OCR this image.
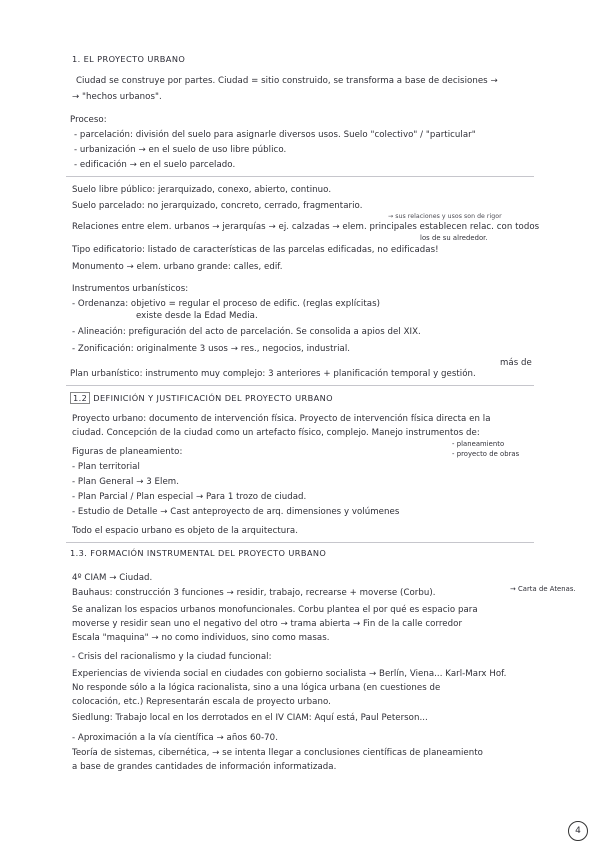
1. EL PROYECTO URBANO
Ciudad se construye por partes. Ciudad = sitio construido, se transforma a base de decisiones →
→ "hechos urbanos".
Proceso:
- parcelación: división del suelo para asignarle diversos usos. Suelo "colectivo" / "particular"
- urbanización → en el suelo de uso libre público.
- edificación → en el suelo parcelado.
Suelo libre público: jerarquizado, conexo, abierto, continuo.
Suelo parcelado: no jerarquizado, concreto, cerrado, fragmentario.
→ sus relaciones y usos son de rigor
Relaciones entre elem. urbanos → jerarquías → ej. calzadas → elem. principales establecen relac. con todos
los de su alrededor.
Tipo edificatorio: listado de características de las parcelas edificadas, no edificadas!
Monumento → elem. urbano grande: calles, edif.
Instrumentos urbanísticos:
- Ordenanza: objetivo = regular el proceso de edific. (reglas explícitas)
existe desde la Edad Media.
- Alineación: prefiguración del acto de parcelación. Se consolida a apios del XIX.
- Zonificación: originalmente 3 usos → res., negocios, industrial.
más de
Plan urbanístico: instrumento muy complejo: 3 anteriores + planificación temporal y gestión.
1.2 DEFINICIÓN Y JUSTIFICACIÓN DEL PROYECTO URBANO
Proyecto urbano: documento de intervención física. Proyecto de intervención física directa en la
ciudad. Concepción de la ciudad como un artefacto físico, complejo. Manejo instrumentos de:
- planeamiento
- proyecto de obras
Figuras de planeamiento:
- Plan territorial
- Plan General → 3 Elem.
- Plan Parcial / Plan especial → Para 1 trozo de ciudad.
- Estudio de Detalle → Cast anteproyecto de arq. dimensiones y volúmenes
Todo el espacio urbano es objeto de la arquitectura.
1.3. FORMACIÓN INSTRUMENTAL DEL PROYECTO URBANO
4º CIAM → Ciudad.
Bauhaus: construcción 3 funciones → residir, trabajo, recrearse + moverse (Corbu).	→ Carta de Atenas.
Se analizan los espacios urbanos monofuncionales. Corbu plantea el por qué es espacio para
moverse y residir sean uno el negativo del otro → trama abierta → Fin de la calle corredor
Escala "maquina" → no como individuos, sino como masas.
- Crisis del racionalismo y la ciudad funcional:
Experiencias de vivienda social en ciudades con gobierno socialista → Berlín, Viena... Karl-Marx Hof.
No responde sólo a la lógica racionalista, sino a una lógica urbana (en cuestiones de
colocación, etc.) Representarán escala de proyecto urbano.
Siedlung: Trabajo local en los derrotados en el IV CIAM: Aquí está, Paul Peterson...
- Aproximación a la vía científica → años 60-70.
Teoría de sistemas, cibernética, → se intenta llegar a conclusiones científicas de planeamiento
a base de grandes cantidades de información informatizada.
4
